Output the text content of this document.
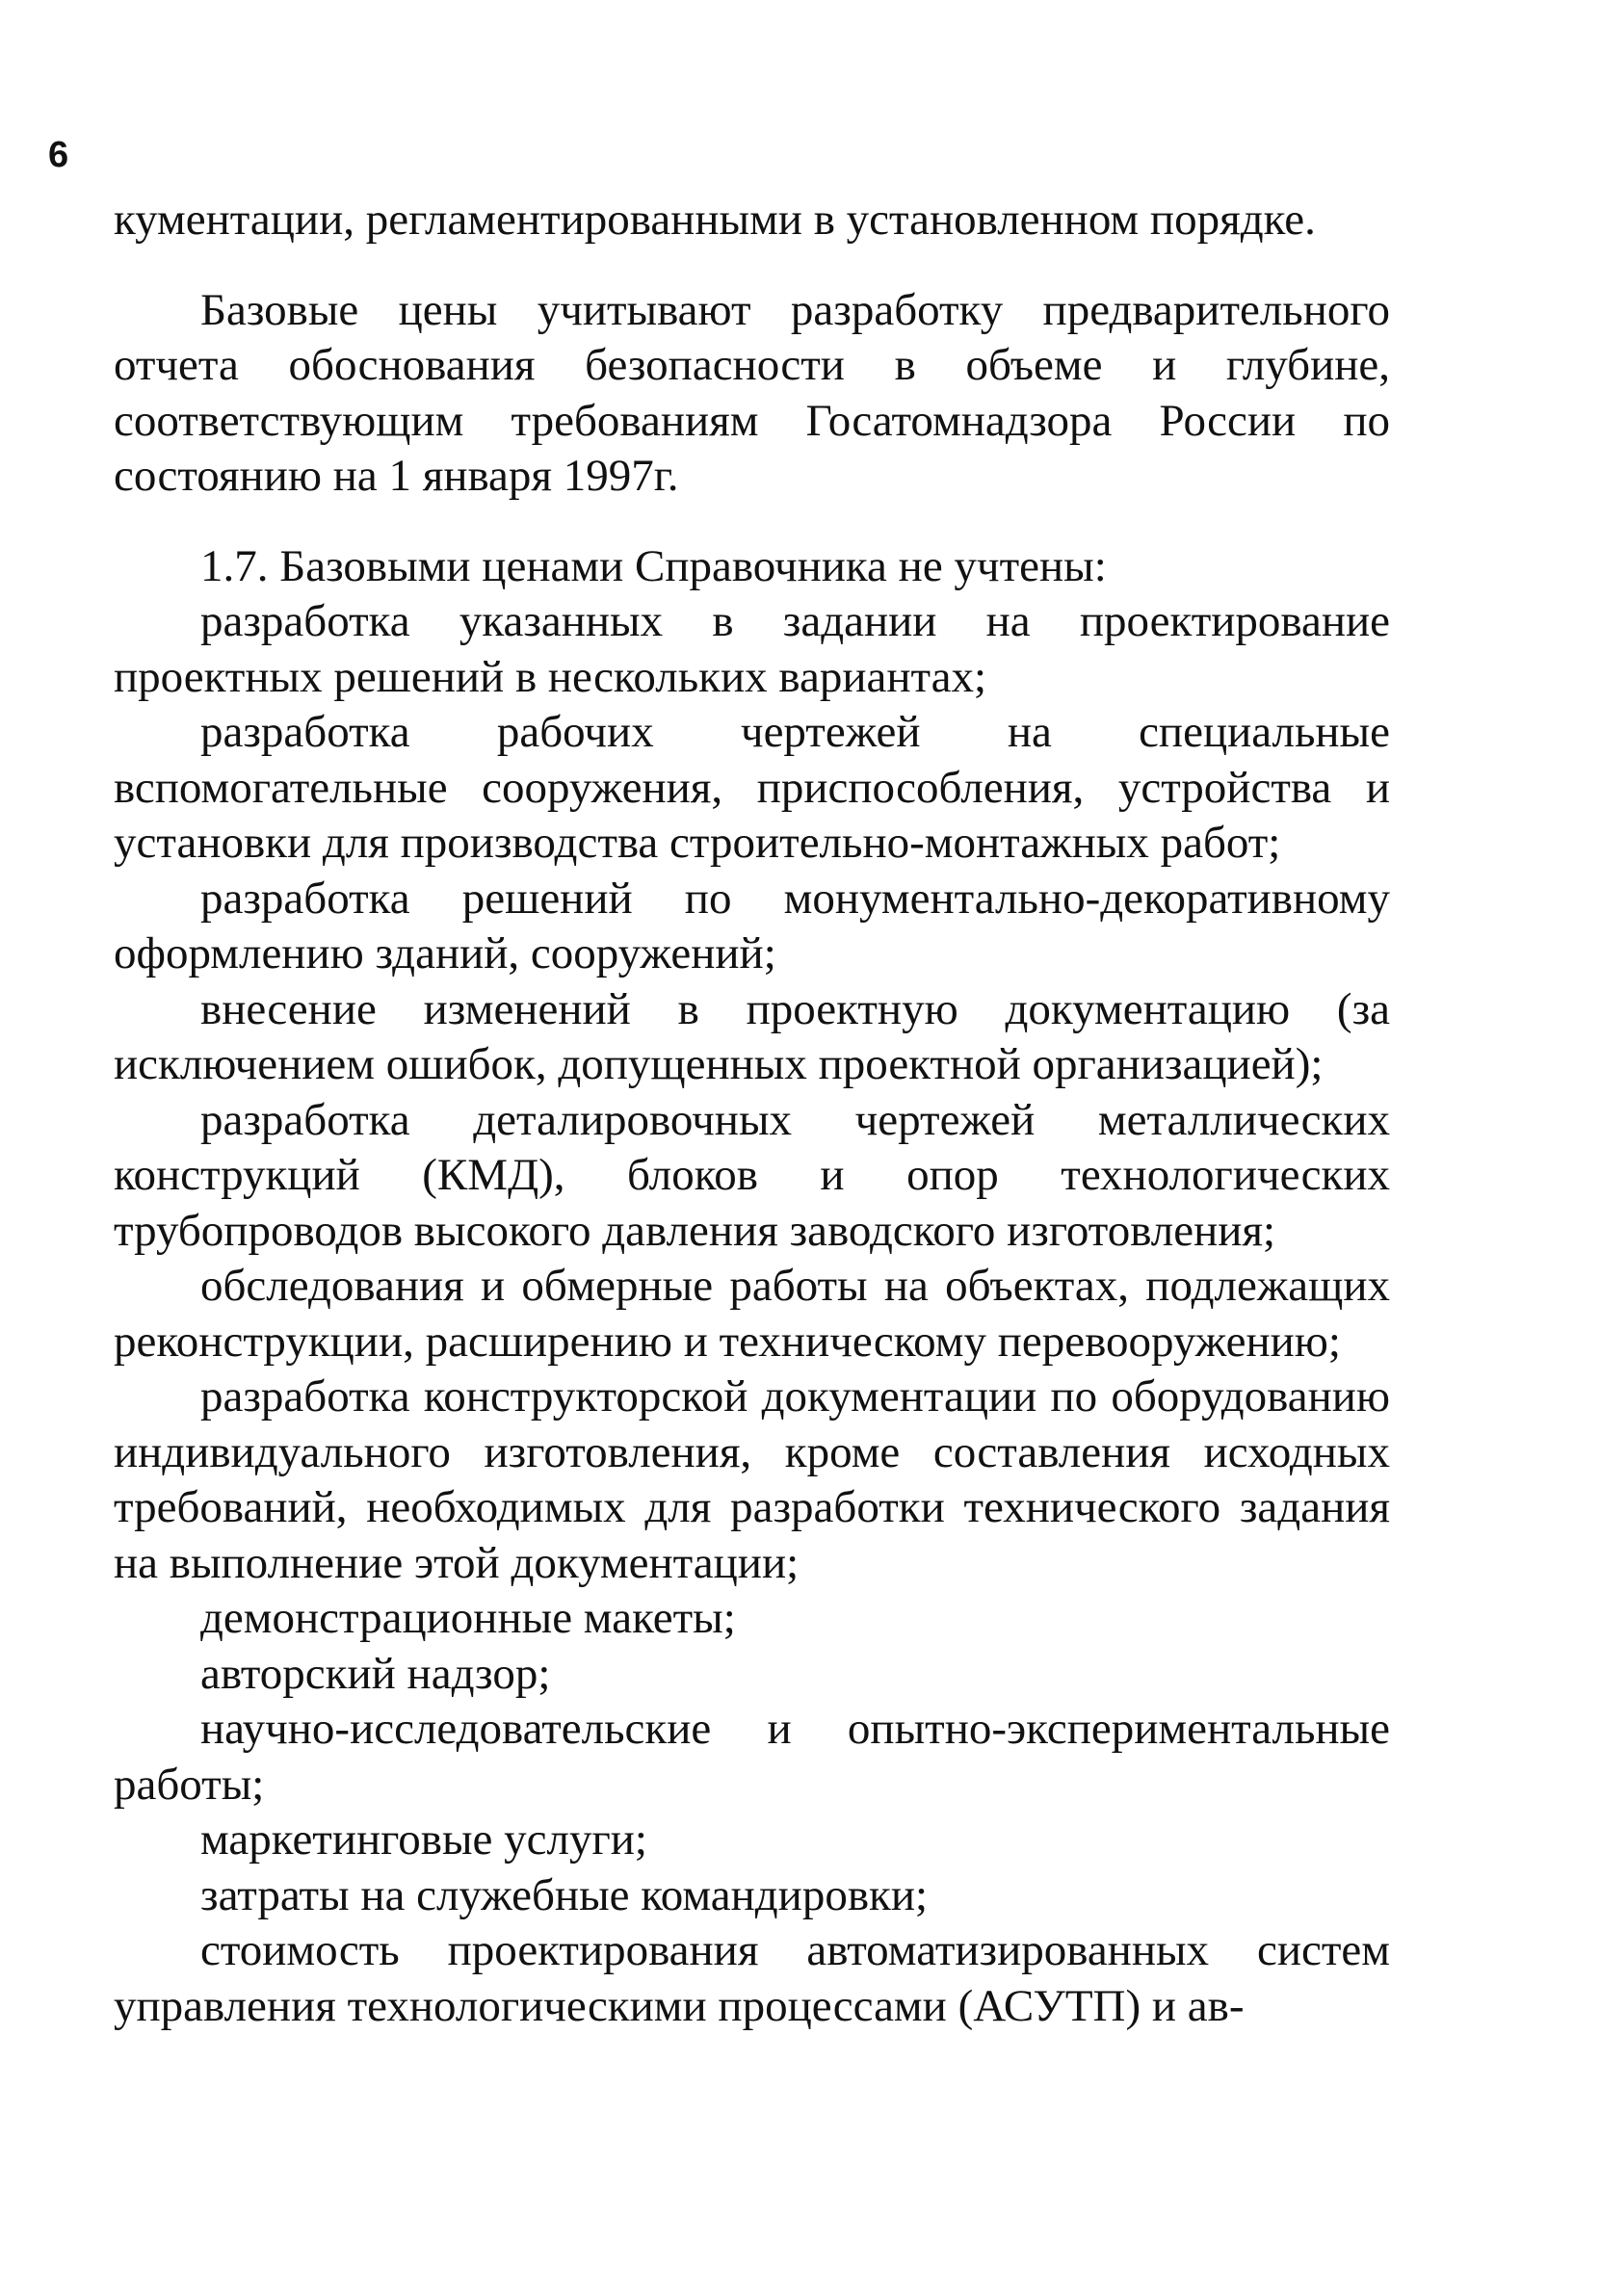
6

кументации, регламентированными в установленном порядке.

Базовые цены учитывают разработку предварительного отчета обоснования безопасности в объеме и глубине, соответствующим требованиям Госатомнадзора России по состоянию на 1 января 1997г.

1.7. Базовыми ценами Справочника не учтены:

разработка указанных в задании на проектирование проектных решений в нескольких вариантах;

разработка рабочих чертежей на специальные вспомогательные сооружения, приспособления, устройства и установки для производства строительно-монтажных работ;

разработка решений по монументально-декоративному оформлению зданий, сооружений;

внесение изменений в проектную документацию (за исключением ошибок, допущенных проектной организацией);

разработка деталировочных чертежей металлических конструкций (КМД), блоков и опор технологических трубопроводов высокого давления заводского изготовления;

обследования и обмерные работы на объектах, подлежащих реконструкции, расширению и техническому перевооружению;

разработка конструкторской документации по оборудованию индивидуального изготовления, кроме составления исходных требований, необходимых для разработки технического задания на выполнение этой документации;

демонстрационные макеты;

авторский надзор;

научно-исследовательские и опытно-экспериментальные работы;

маркетинговые услуги;

затраты на служебные командировки;

стоимость проектирования автоматизированных систем управления технологическими процессами (АСУТП) и ав-
